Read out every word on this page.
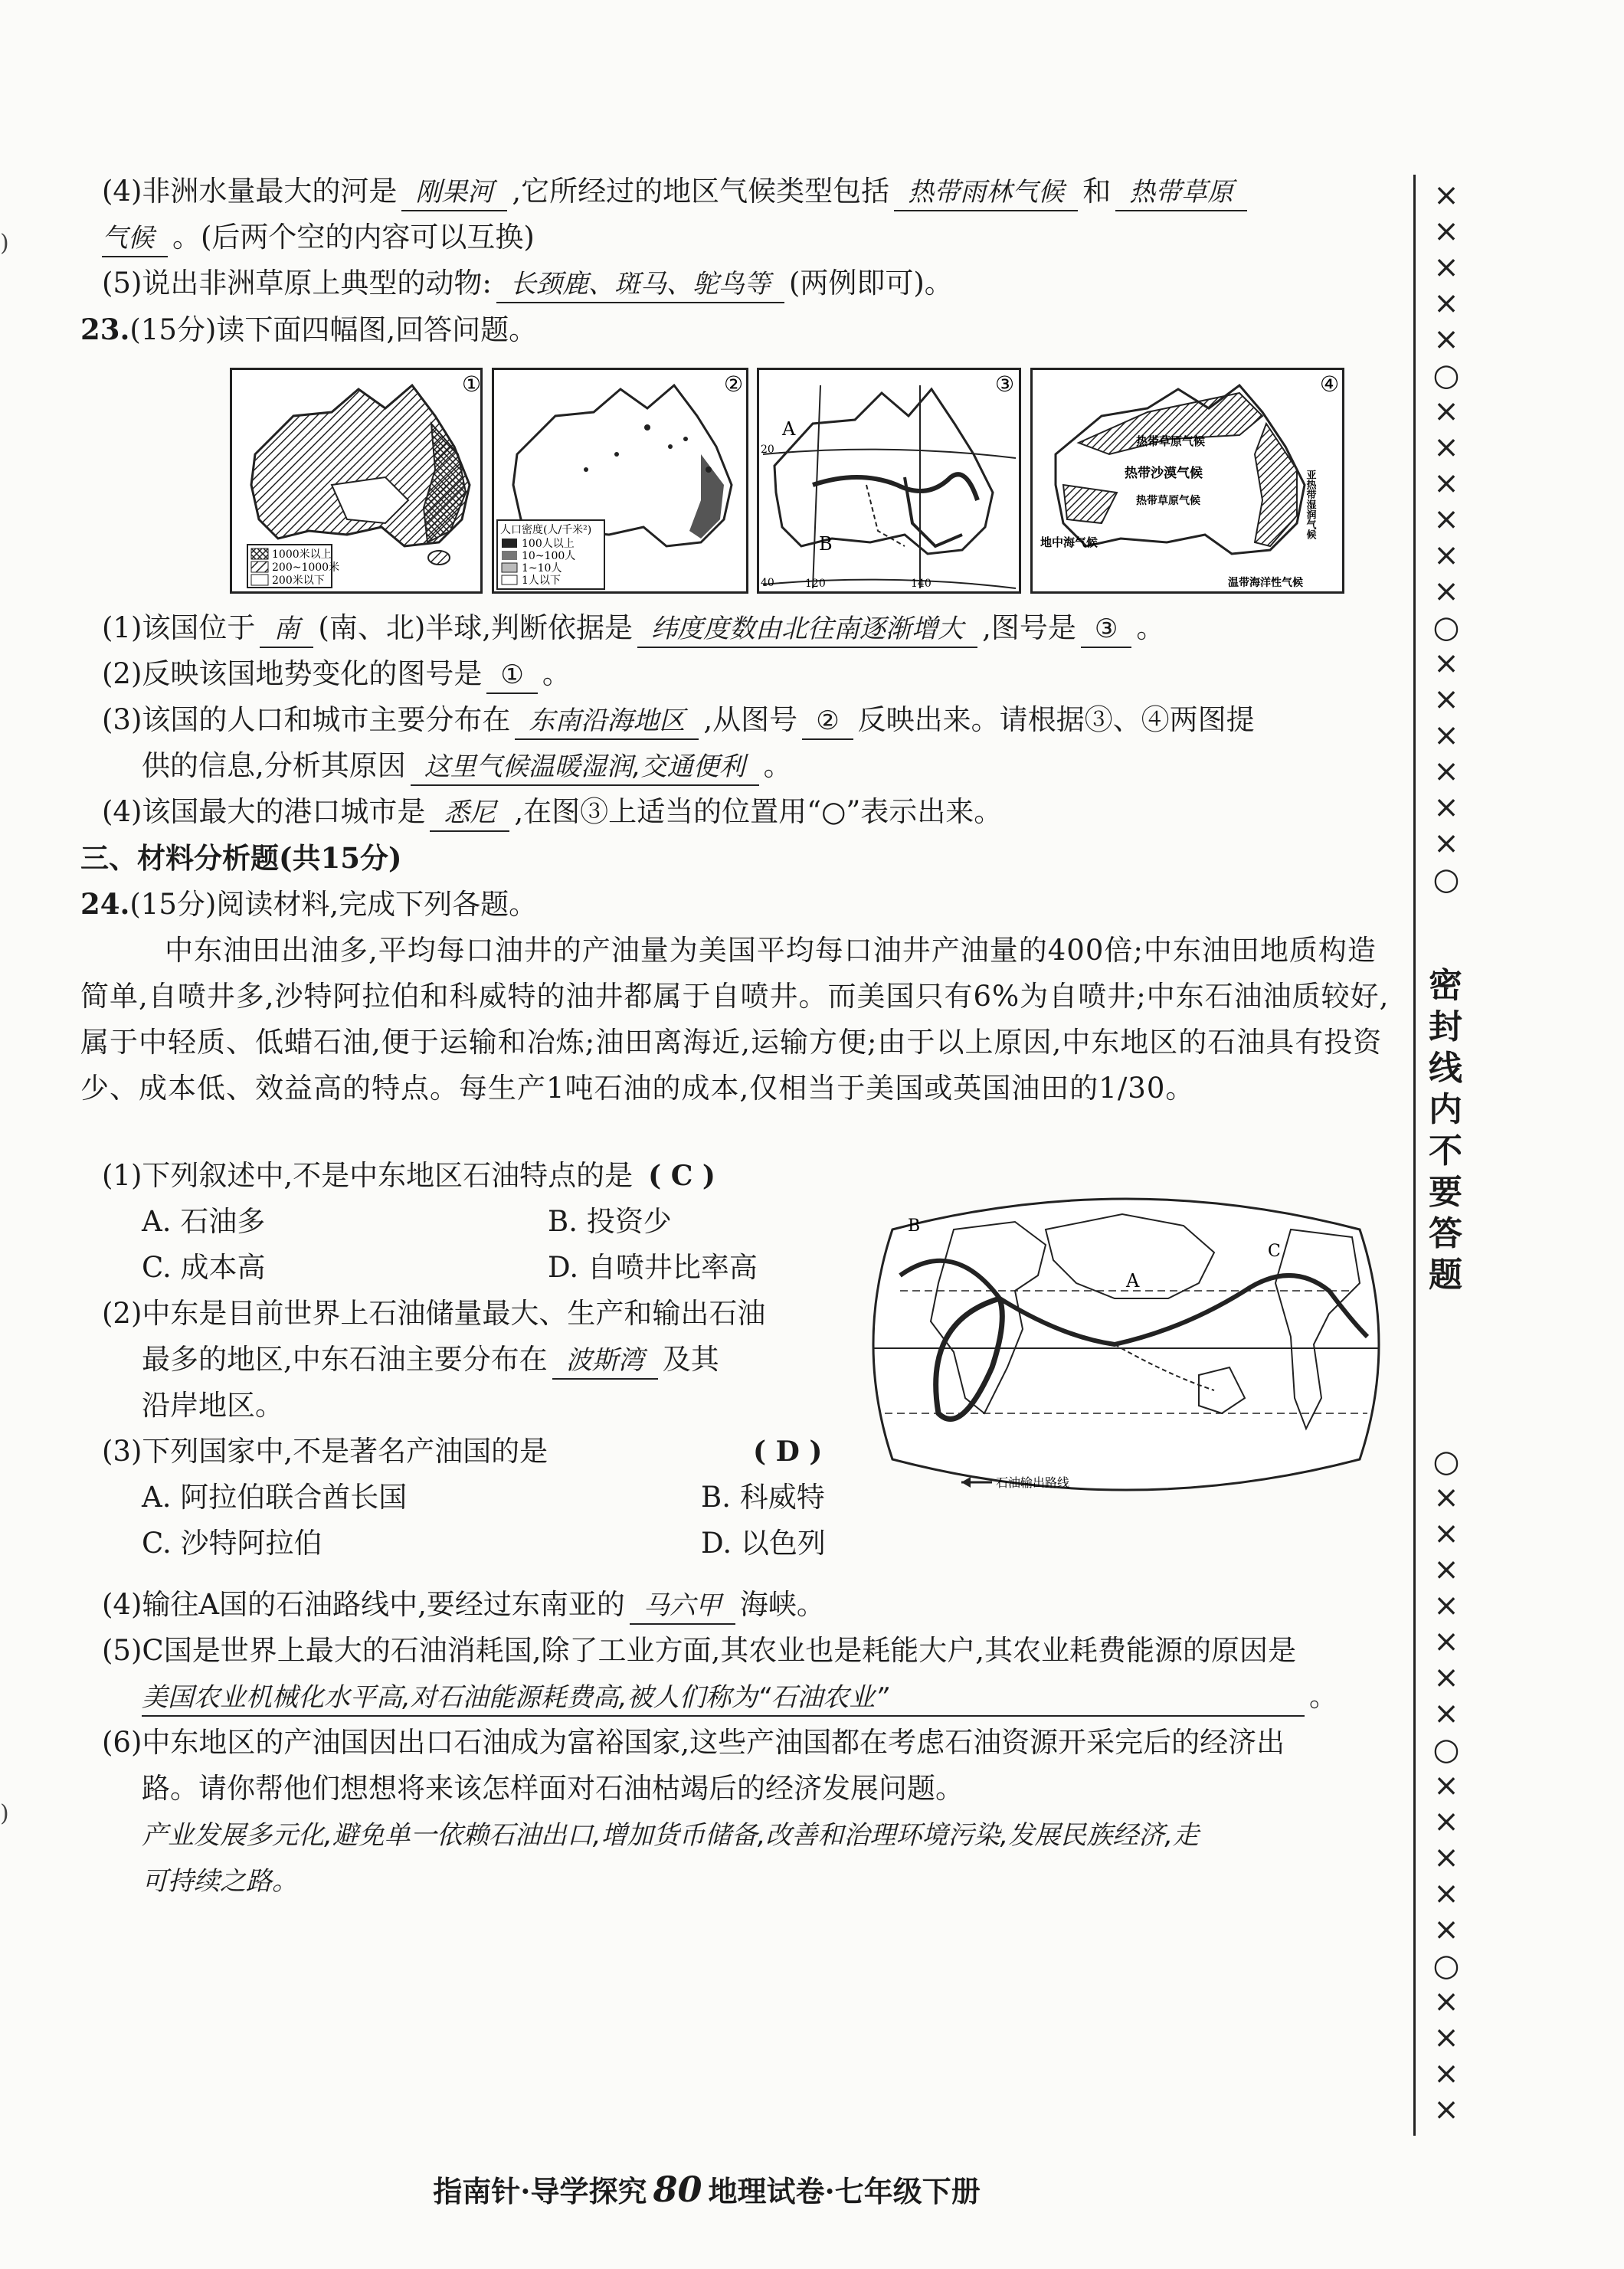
)
)
(4)非洲水量最大的河是 刚果河 ,它所经过的地区气候类型包括 热带雨林气候 和 热带草原
气候 。(后两个空的内容可以互换)
(5)说出非洲草原上典型的动物: 长颈鹿、斑马、鸵鸟等 (两例即可)。
23.(15分)读下面四幅图,回答问题。
①
1000米以上
200~1000米
200米以下
②
人口密度(人/千米²)
100人以上
10~100人
1~10人
1人以下
A
B
20
40	120	140
③
热带草原气候
热带沙漠气候
热带草原气候	亚热带湿润气候
地中海气候
温带海洋性气候
④
(1)该国位于 南 (南、北)半球,判断依据是 纬度度数由北往南逐渐增大 ,图号是 ③ 。
(2)反映该国地势变化的图号是 ① 。
(3)该国的人口和城市主要分布在 东南沿海地区 ,从图号 ② 反映出来。请根据③、④两图提
供的信息,分析其原因 这里气候温暖湿润,交通便利 。
(4)该国最大的港口城市是 悉尼 ,在图③上适当的位置用“○”表示出来。
三、材料分析题(共15分)
24.(15分)阅读材料,完成下列各题。
中东油田出油多,平均每口油井的产油量为美国平均每口油井产油量的400倍;中东油田地质构造简单,自喷井多,沙特阿拉伯和科威特的油井都属于自喷井。而美国只有6%为自喷井;中东石油油质较好,属于中轻质、低蜡石油,便于运输和冶炼;油田离海近,运输方便;由于以上原因,中东地区的石油具有投资少、成本低、效益高的特点。每生产1吨石油的成本,仅相当于美国或英国油田的1/30。
(1)下列叙述中,不是中东地区石油特点的是 ( C )
A. 石油多	B. 投资少
C. 成本高	D. 自喷井比率高
(2)中东是目前世界上石油储量最大、生产和输出石油
最多的地区,中东石油主要分布在 波斯湾 及其
沿岸地区。
(3)下列国家中,不是著名产油国的是	( D )
A. 阿拉伯联合酋长国	B. 科威特
C. 沙特阿拉伯	D. 以色列
B
A
C
石油输出路线
(4)输往A国的石油路线中,要经过东南亚的 马六甲 海峡。
(5)C国是世界上最大的石油消耗国,除了工业方面,其农业也是耗能大户,其农业耗费能源的原因是
美国农业机械化水平高,对石油能源耗费高,被人们称为“石油农业”	。
(6)中东地区的产油国因出口石油成为富裕国家,这些产油国都在考虑石油资源开采完后的经济出
路。请你帮他们想想将来该怎样面对石油枯竭后的经济发展问题。
产业发展多元化,避免单一依赖石油出口,增加货币储备,改善和治理环境污染,发展民族经济,走
可持续之路。
×
×
×
×
×
○
×
×
×
×
×
×
○
×
×
×
×
×
×
○
密封线内不要答题
○
×
×
×
×
×
×
×
○
×
×
×
×
×
○
×
×
×
×
指南针·导学探究 80 地理试卷·七年级下册
